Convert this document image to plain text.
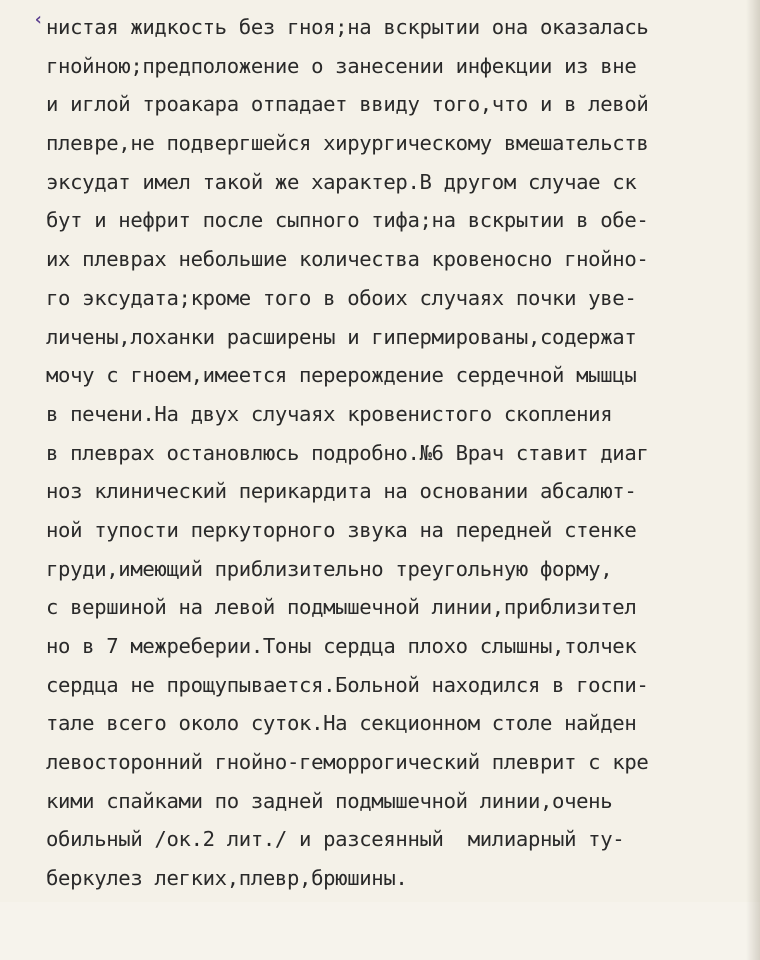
‹ нистая жидкость без гноя;на вскрытии она оказалась
гнойною;предположение о занесении инфекции из вне
и иглой троакара отпадает ввиду того,что и в левой
плевре,не подвергшейся хирургическому вмешательств
эксудат имел такой же характер.В другом случае ск
бут и нефрит после сыпного тифа;на вскрытии в обе-
их плеврах небольшие количества кровеносно гнойно-
го эксудата;кроме того в обоих случаях почки уве-
личены,лоханки расширены и гипермированы,содержат
мочу с гноем,имеется перерождение сердечной мышцы
в печени.На двух случаях кровенистого скопления
в плеврах остановлюсь подробно.№6 Врач ставит диаг
ноз клинический перикардита на основании абсалют-
ной тупости перкуторного звука на передней стенке
груди,имеющий приблизительно треугольную форму,
с вершиной на левой подмышечной линии,приблизител
но в 7 межреберии.Тоны сердца плохо слышны,толчек
сердца не прощупывается.Больной находился в госпи-
тале всего около суток.На секционном столе найден
левосторонний гнойно-геморрогический плеврит с кре
кими спайками по задней подмышечной линии,очень
обильный /ок.2 лит./ и разсеянный  милиарный ту-
беркулез легких,плевр,брюшины.
